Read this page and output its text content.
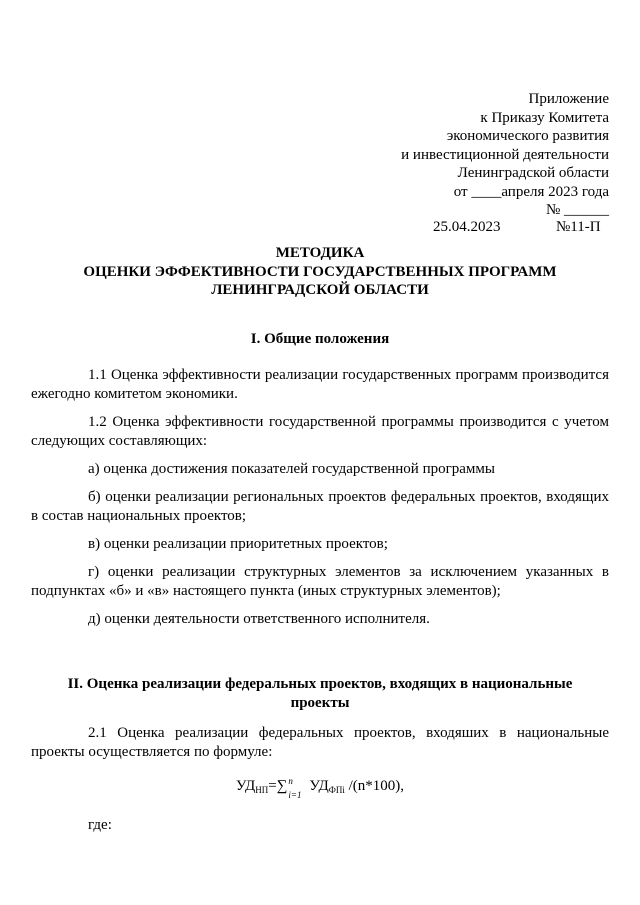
Приложение
к Приказу Комитета
экономического развития
и инвестиционной деятельности
Ленинградской области
от ____апреля 2023 года
№ ______
25.04.2023	№11-П
МЕТОДИКА
ОЦЕНКИ ЭФФЕКТИВНОСТИ ГОСУДАРСТВЕННЫХ ПРОГРАММ
ЛЕНИНГРАДСКОЙ ОБЛАСТИ
I. Общие положения
1.1 Оценка эффективности реализации государственных программ производится ежегодно комитетом экономики.
1.2 Оценка эффективности государственной программы производится с учетом следующих составляющих:
а) оценка достижения показателей государственной программы
б) оценки реализации региональных проектов федеральных проектов, входящих в состав национальных проектов;
в) оценки реализации приоритетных проектов;
г) оценки реализации структурных элементов за исключением указанных в подпунктах «б» и «в» настоящего пункта (иных структурных элементов);
д) оценки деятельности ответственного исполнителя.
II. Оценка реализации федеральных проектов, входящих в национальные
проекты
2.1 Оценка реализации федеральных проектов, входяших в национальные проекты осуществляется по формуле:
$УД_{НП}=\sum$ n
i=1
$УД_{ФПi}$ /(n*100),
где:
